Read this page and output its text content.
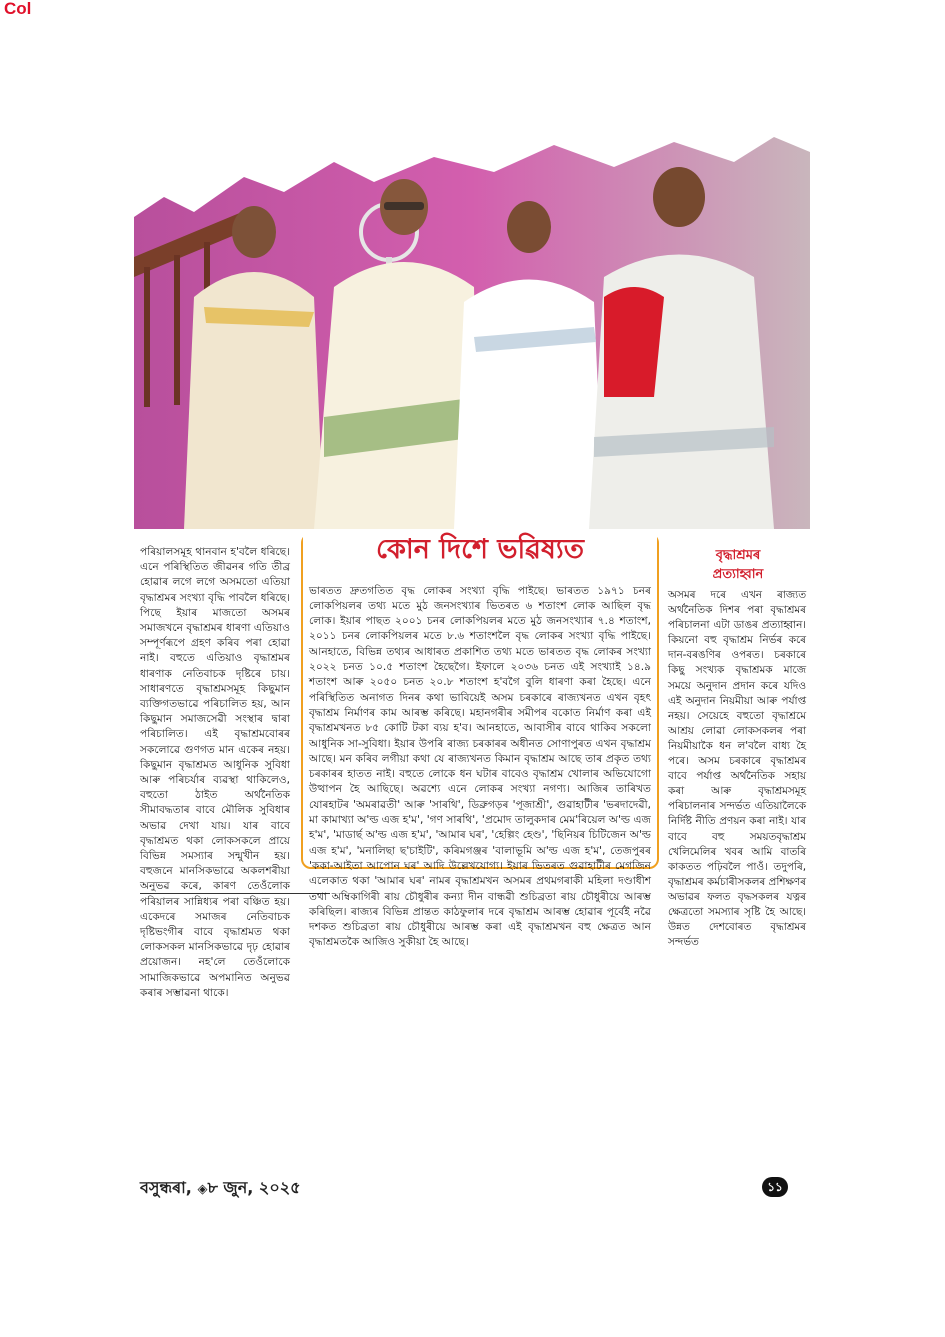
Col

পৰিয়ালসমূহ থানবান হ'বলৈ ধৰিছে। এনে পৰিস্থিতিত জীৱনৰ গতি তীব্ৰ হোৱাৰ লগে লগে অসমতো এতিয়া বৃদ্ধাশ্ৰমৰ সংখ্যা বৃদ্ধি পাবলৈ ধৰিছে। পিছে ইয়াৰ মাজতো অসমৰ সমাজখনে বৃদ্ধাশ্ৰমৰ ধাৰণা এতিয়াও সম্পূৰ্ণৰূপে গ্ৰহণ কৰিব পৰা হোৱা নাই। বহুতে এতিয়াও বৃদ্ধাশ্ৰমৰ ধাৰণাক নেতিবাচক দৃষ্টিৰে চায়। সাধাৰণতে বৃদ্ধাশ্ৰমসমূহ কিছুমান ব্যক্তিগতভাৱে পৰিচালিত হয়, আন কিছুমান সমাজসেৱী সংস্থাৰ দ্বাৰা পৰিচালিত। এই বৃদ্ধাশ্ৰমবোৰৰ সকলোৱে গুণগত মান একেৰ নহয়। কিছুমান বৃদ্ধাশ্ৰমত আধুনিক সুবিধা আৰু পৰিচৰ্যাৰ ব্যৱস্থা থাকিলেও, বহুতো ঠাইত অৰ্থনৈতিক সীমাবদ্ধতাৰ বাবে মৌলিক সুবিধাৰ অভাৱ দেখা যায়। যাৰ বাবে বৃদ্ধাশ্ৰমত থকা লোকসকলে প্ৰায়ে বিভিন্ন সমস্যাৰ সন্মুখীন হয়। বহুজনে মানসিকভাৱে অকলশৰীয়া অনুভৱ কৰে, কাৰণ তেওঁলোক পৰিয়ালৰ সান্নিধ্যৰ পৰা বঞ্চিত হয়। একেদৰে সমাজৰ নেতিবাচক দৃষ্টিভংগীৰ বাবে বৃদ্ধাশ্ৰমত থকা লোকসকল মানসিকভাৱে দৃঢ় হোৱাৰ প্ৰয়োজন। নহ'লে তেওঁলোকে সামাজিকভাৱে অপমানিত অনুভৱ কৰাৰ সম্ভাৱনা থাকে।

কোন দিশে ভৱিষ্যত

ভাৰতত দ্ৰুতগতিত বৃদ্ধ লোকৰ সংখ্যা বৃদ্ধি পাইছে। ভাৰতত ১৯৭১ চনৰ লোকপিয়লৰ তথ্য মতে মুঠ জনসংখ্যাৰ ভিতৰত ৬ শতাংশ লোক আছিল বৃদ্ধ লোক। ইয়াৰ পাছত ২০০১ চনৰ লোকপিয়লৰ মতে মুঠ জনসংখ্যাৰ ৭.৪ শতাংশ, ২০১১ চনৰ লোকপিয়লৰ মতে ৮.৬ শতাংশলৈ বৃদ্ধ লোকৰ সংখ্যা বৃদ্ধি পাইছে। আনহাতে, বিভিন্ন তথ্যৰ আধাৰত প্ৰকাশিত তথ্য মতে ভাৰতত বৃদ্ধ লোকৰ সংখ্যা ২০২২ চনত ১০.৫ শতাংশ হৈছেগৈ। ইফালে ২০৩৬ চনত এই সংখ্যাই ১৪.৯ শতাংশ আৰু ২০৫০ চনত ২০.৮ শতাংশ হ'বগৈ বুলি ধাৰণা কৰা হৈছে। এনে পৰিস্থিতিত অনাগত দিনৰ কথা ভাবিয়েই অসম চৰকাৰে ৰাজ্যখনত এখন বৃহৎ বৃদ্ধাশ্ৰম নিৰ্মাণৰ কাম আৰম্ভ কৰিছে। মহানগৰীৰ সমীপৰ বকোত নিৰ্মাণ কৰা এই বৃদ্ধাশ্ৰমখনত ৮৫ কোটি টকা ব্যয় হ'ব। আনহাতে, আবাসীৰ বাবে থাকিব সকলো আধুনিক সা-সুবিধা। ইয়াৰ উপৰি ৰাজ্য চৰকাৰৰ অধীনত সোণাপুৰত এখন বৃদ্ধাশ্ৰম আছে। মন কৰিব লগীয়া কথা যে ৰাজ্যখনত কিমান বৃদ্ধাশ্ৰম আছে তাৰ প্ৰকৃত তথ্য চৰকাৰৰ হাতত নাই। বহুতে লোকে ধন ঘটাৰ বাবেও বৃদ্ধাশ্ৰম খোলাৰ অভিযোগো উত্থাপন হৈ আছিছে। অৱশ্যে এনে লোকৰ সংখ্যা নগণ্য। আজিৰ তাৰিখত যোৰহাটৰ 'অমৰাৱতী' আৰু 'সাৰথি', ডিব্ৰুগড়ৰ 'পূজাশ্ৰী', গুৱাহাটীৰ 'ভৰদাদেৱী, মা কামাখ্যা অ'ল্ড এজ হ'ম', 'গণ সাৰথি', 'প্ৰমোদ তালুকদাৰ মেম'ৰিয়েল অ'ল্ড এজ হ'ম', 'মাডাৰ্ছ অ'ল্ড এজ হ'ম', 'আমাৰ ঘৰ', 'হেল্পিং হেণ্ড', 'ছিনিয়ৰ চিটিজেন অ'ল্ড এজ হ'ম', 'মনালিছা ছ'চাইটি', কৰিমগঞ্জৰ 'বালাভূমি অ'ল্ড এজ হ'ম', তেজপুৰৰ 'ককা-আইতা আপোন ঘৰ' আদি উল্লেখযোগ্য। ইয়াৰ ভিতৰত গুৱাহাটীৰ মেগজিন এলেকাত থকা 'আমাৰ ঘৰ' নামৰ বৃদ্ধাশ্ৰমখন অসমৰ প্ৰথমগৰাকী মহিলা দণ্ডাধীশ তথা অম্বিকাগিৰী ৰায় চৌধুৰীৰ কন্যা দীন বান্ধৱী শুচিব্ৰতা ৰায় চৌধুৰীয়ে আৰম্ভ কৰিছিল। ৰাজ্যৰ বিভিন্ন প্ৰান্তত কাঠফুলাৰ দৰে বৃদ্ধাশ্ৰম আৰম্ভ হোৱাৰ পূৰ্বেই নৱৈ দশকত শুচিব্ৰতা ৰায় চৌধুৰীয়ে আৰম্ভ কৰা এই বৃদ্ধাশ্ৰমখন বহু ক্ষেত্ৰত আন বৃদ্ধাশ্ৰমতকৈ আজিও সুকীয়া হৈ আছে।

বৃদ্ধাশ্ৰমৰ
প্ৰত্যাহ্বান

অসমৰ দৰে এখন ৰাজ্যত অৰ্থনৈতিক দিশৰ পৰা বৃদ্ধাশ্ৰমৰ পৰিচালনা এটা ডাঙৰ প্ৰত্যাহ্বান। কিয়নো বহু বৃদ্ধাশ্ৰম নিৰ্ভৰ কৰে দান-বৰঙণিৰ ওপৰত। চৰকাৰে কিছু সংখ্যক বৃদ্ধাশ্ৰমক মাজে সময়ে অনুদান প্ৰদান কৰে যদিও এই অনুদান নিয়মীয়া আৰু পৰ্যাপ্ত নহয়। সেয়েহে বহুতো বৃদ্ধাশ্ৰমে আশ্ৰয় লোৱা লোকসকলৰ পৰা নিয়মীয়াকৈ ধন ল'বলৈ বাধ্য হৈ পৰে। অসম চৰকাৰে বৃদ্ধাশ্ৰমৰ বাবে পৰ্যাপ্ত অৰ্থনৈতিক সহায় কৰা আৰু বৃদ্ধাশ্ৰমসমূহ পৰিচালনাৰ সন্দৰ্ভত এতিয়ালৈকে নিৰ্দিষ্ট নীতি প্ৰণয়ন কৰা নাই। যাৰ বাবে বহু সময়তবৃদ্ধাশ্ৰম খেলিমেলিৰ খবৰ আমি বাতৰি কাকতত পঢ়িবলৈ পাওঁ। তদুপৰি, বৃদ্ধাশ্ৰমৰ কৰ্মচাৰীসকলৰ প্ৰশিক্ষণৰ অভাৱৰ ফলত বৃদ্ধসকলৰ যত্নৰ ক্ষেত্ৰতো সমস্যাৰ সৃষ্টি হৈ আছে। উন্নত দেশবোৰত বৃদ্ধাশ্ৰমৰ সন্দৰ্ভত

বসুন্ধৰা, ◈৮ জুন, ২০২৫	১১
